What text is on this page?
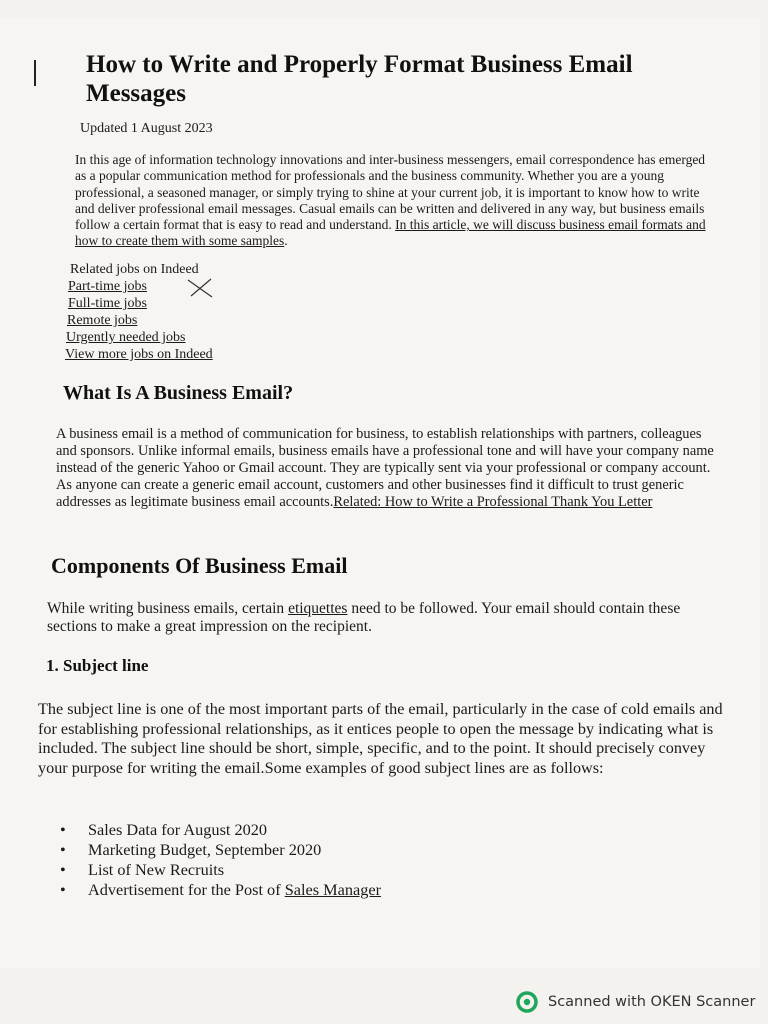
How to Write and Properly Format Business Email Messages

Updated 1 August 2023

In this age of information technology innovations and inter-business messengers, email correspondence has emerged as a popular communication method for professionals and the business community. Whether you are a young professional, a seasoned manager, or simply trying to shine at your current job, it is important to know how to write and deliver professional email messages. Casual emails can be written and delivered in any way, but business emails follow a certain format that is easy to read and understand. In this article, we will discuss business email formats and how to create them with some samples.

Related jobs on Indeed

Part-time jobs
Full-time jobs
Remote jobs
Urgently needed jobs
View more jobs on Indeed
What Is A Business Email?

A business email is a method of communication for business, to establish relationships with partners, colleagues and sponsors. Unlike informal emails, business emails have a professional tone and will have your company name instead of the generic Yahoo or Gmail account. They are typically sent via your professional or company account. As anyone can create a generic email account, customers and other businesses find it difficult to trust generic addresses as legitimate business email accounts.Related: How to Write a Professional Thank You Letter

Components Of Business Email

While writing business emails, certain etiquettes need to be followed. Your email should contain these sections to make a great impression on the recipient.

1. Subject line

The subject line is one of the most important parts of the email, particularly in the case of cold emails and for establishing professional relationships, as it entices people to open the message by indicating what is included. The subject line should be short, simple, specific, and to the point. It should precisely convey your purpose for writing the email.Some examples of good subject lines are as follows:

• Sales Data for August 2020
• Marketing Budget, September 2020
• List of New Recruits
• Advertisement for the Post of Sales Manager
Scanned with OKEN Scanner
